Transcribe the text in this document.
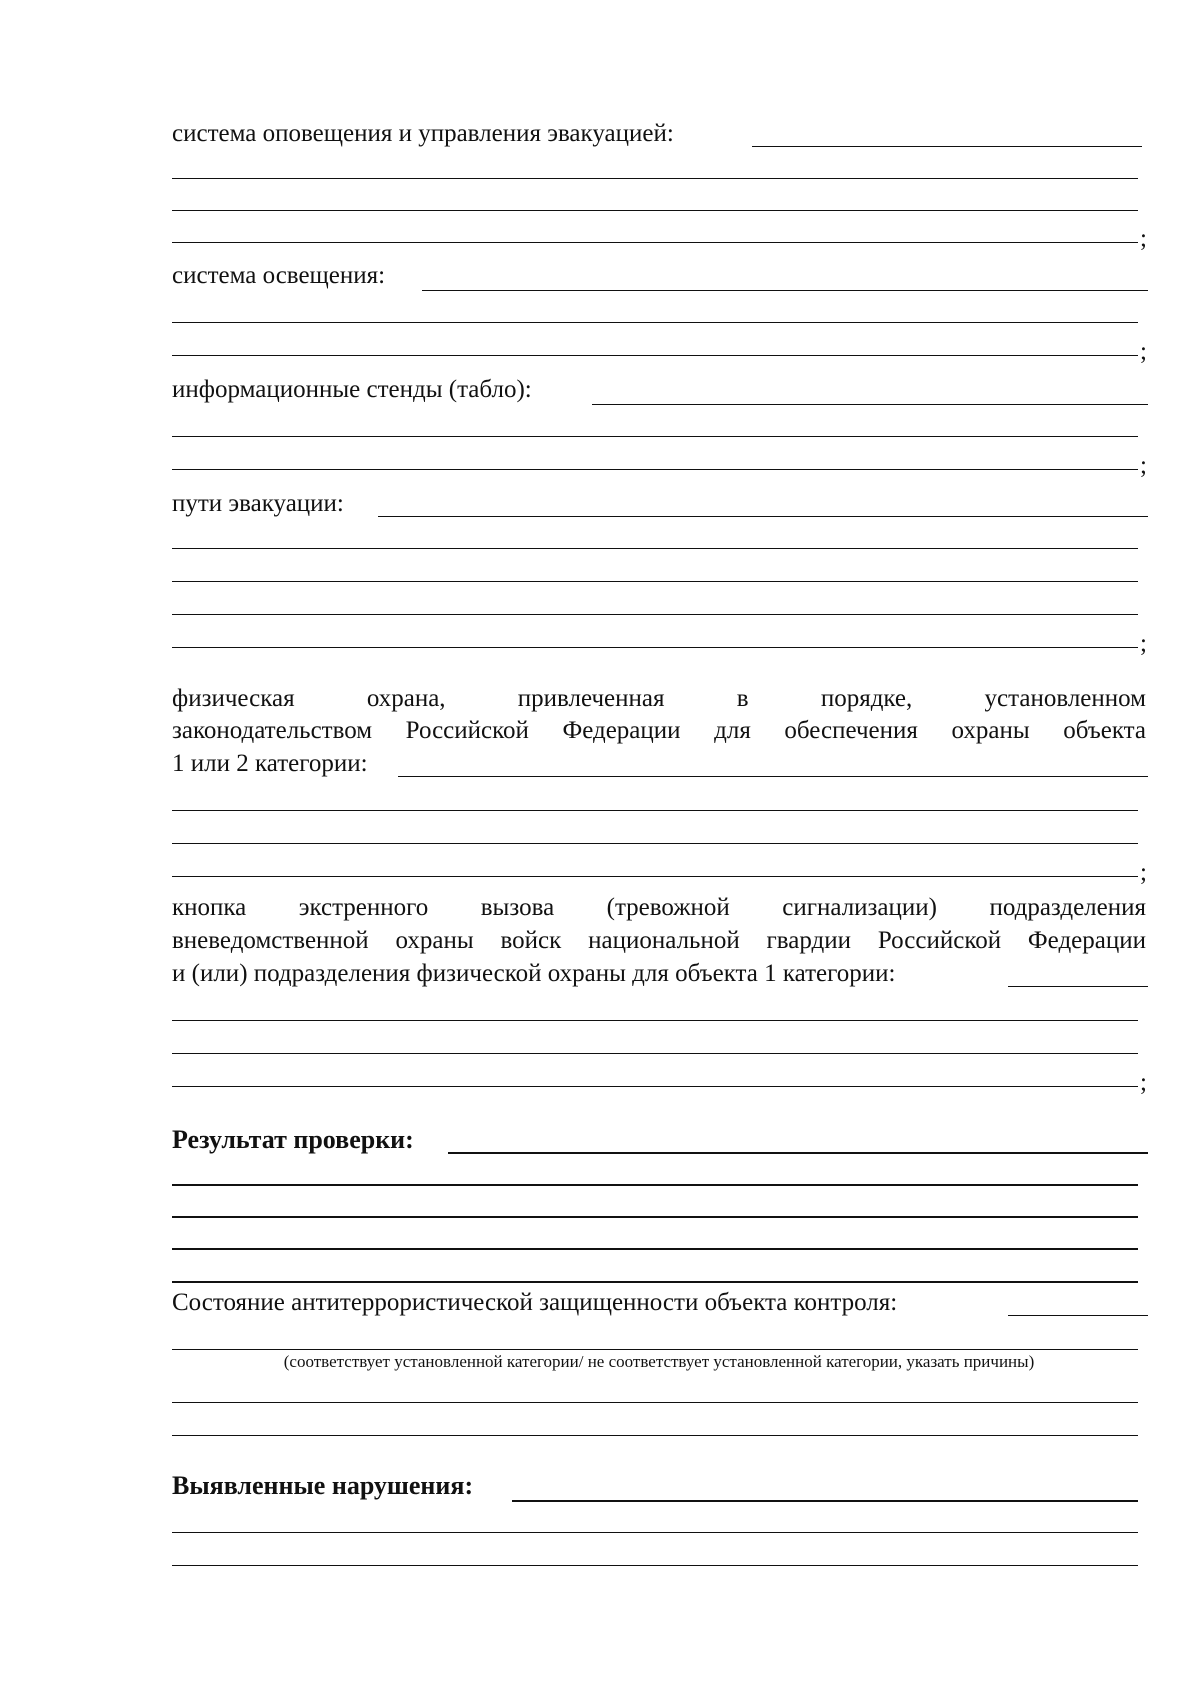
система оповещения и управления эвакуацией:
;
система освещения:
;
информационные стенды (табло):
;
пути эвакуации:
;
физическая охрана, привлеченная в порядке, установленном
законодательством Российской Федерации для обеспечения охраны объекта
1 или 2 категории:
;
кнопка экстренного вызова (тревожной сигнализации) подразделения
вневедомственной охраны войск национальной гвардии Российской Федерации
и (или) подразделения физической охраны для объекта 1 категории:
;
Результат проверки:
Состояние антитеррористической защищенности объекта контроля:
(соответствует установленной категории/ не соответствует установленной категории, указать причины)
Выявленные нарушения:
